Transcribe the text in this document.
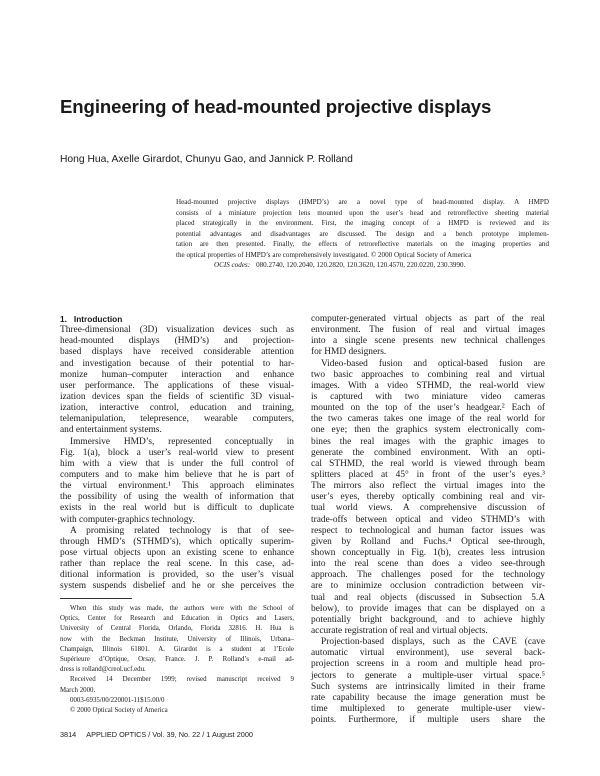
Engineering of head-mounted projective displays
Hong Hua, Axelle Girardot, Chunyu Gao, and Jannick P. Rolland
Head-mounted projective displays (HMPD’s) are a novel type of head-mounted display. A HMPD
consists of a miniature projection lens mounted upon the user’s head and retroreflective sheeting material
placed strategically in the environment. First, the imaging concept of a HMPD is reviewed and its
potential advantages and disadvantages are discussed. The design and a bench prototype implemen-
tation are then presented. Finally, the effects of retroreflective materials on the imaging properties and
the optical properties of HMPD’s are comprehensively investigated. © 2000 Optical Society of America
OCIS codes: 080.2740, 120.2040, 120.2820, 120.3620, 120.4570, 220.0220, 230.3990.
1. Introduction
Three-dimensional (3D) visualization devices such as
head-mounted displays (HMD’s) and projection-
based displays have received considerable attention
and investigation because of their potential to har-
monize human–computer interaction and enhance
user performance. The applications of these visual-
ization devices span the fields of scientific 3D visual-
ization, interactive control, education and training,
telemanipulation, telepresence, wearable computers,
and entertainment systems.
Immersive HMD’s, represented conceptually in
Fig. 1(a), block a user’s real-world view to present
him with a view that is under the full control of
computers and to make him believe that he is part of
the virtual environment.¹ This approach eliminates
the possibility of using the wealth of information that
exists in the real world but is difficult to duplicate
with computer-graphics technology.
A promising related technology is that of see-
through HMD’s (STHMD’s), which optically superim-
pose virtual objects upon an existing scene to enhance
rather than replace the real scene. In this case, ad-
ditional information is provided, so the user’s visual
system suspends disbelief and he or she perceives the
computer-generated virtual objects as part of the real
environment. The fusion of real and virtual images
into a single scene presents new technical challenges
for HMD designers.
Video-based fusion and optical-based fusion are
two basic approaches to combining real and virtual
images. With a video STHMD, the real-world view
is captured with two miniature video cameras
mounted on the top of the user’s headgear.² Each of
the two cameras takes one image of the real world for
one eye; then the graphics system electronically com-
bines the real images with the graphic images to
generate the combined environment. With an opti-
cal STHMD, the real world is viewed through beam
splitters placed at 45° in front of the user’s eyes.³
The mirrors also reflect the virtual images into the
user’s eyes, thereby optically combining real and vir-
tual world views. A comprehensive discussion of
trade-offs between optical and video STHMD’s with
respect to technological and human factor issues was
given by Rolland and Fuchs.⁴ Optical see-through,
shown conceptually in Fig. 1(b), creates less intrusion
into the real scene than does a video see-through
approach. The challenges posed for the technology
are to minimize occlusion contradiction between vir-
tual and real objects (discussed in Subsection 5.A
below), to provide images that can be displayed on a
potentially bright background, and to achieve highly
accurate registration of real and virtual objects.
Projection-based displays, such as the CAVE (cave
automatic virtual environment), use several back-
projection screens in a room and multiple head pro-
jectors to generate a multiple-user virtual space.⁵
Such systems are intrinsically limited in their frame
rate capability because the image generation must be
time multiplexed to generate multiple-user view-
points. Furthermore, if multiple users share the
When this study was made, the authors were with the School of
Optics, Center for Research and Education in Optics and Lasers,
University of Central Florida, Orlando, Florida 32816. H. Hua is
now with the Beckman Institute, University of Illinois, Urbana–
Champaign, Illinois 61801. A. Girardot is a student at l’Ecole
Supérieure d’Optique, Orsay, France. J. P. Rolland’s e-mail ad-
dress is rolland@creol.ucf.edu.
Received 14 December 1999; revised manuscript received 9
March 2000.
0003-6935/00/220001-11$15.00/0
© 2000 Optical Society of America
3814 APPLIED OPTICS / Vol. 39, No. 22 / 1 August 2000
